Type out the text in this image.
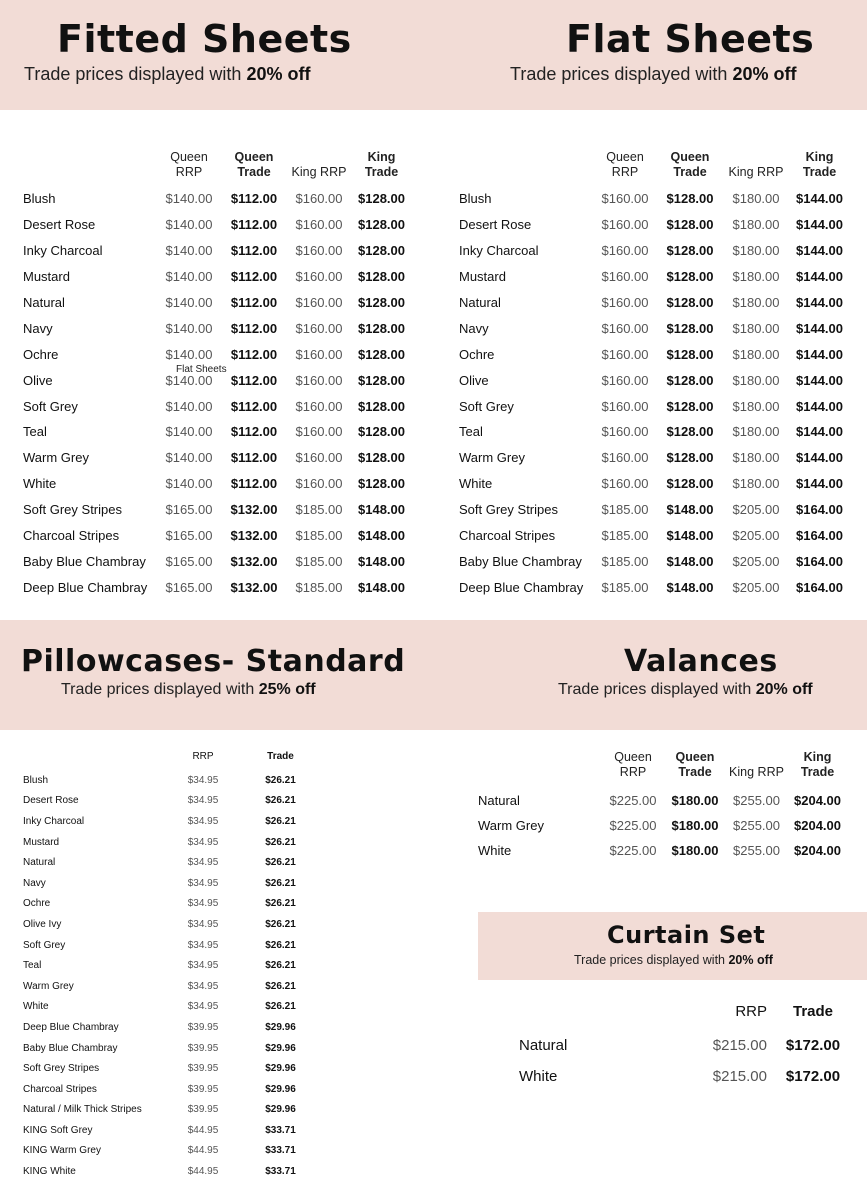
Fitted Sheets
Trade prices displayed with 20% off
Flat Sheets
Trade prices displayed with 20% off
	Queen RRP	Queen Trade	King RRP	King Trade
Blush	$140.00	$112.00	$160.00	$128.00
Desert Rose	$140.00	$112.00	$160.00	$128.00
Inky Charcoal	$140.00	$112.00	$160.00	$128.00
Mustard	$140.00	$112.00	$160.00	$128.00
Natural	$140.00	$112.00	$160.00	$128.00
Navy	$140.00	$112.00	$160.00	$128.00
Ochre	$140.00	$112.00	$160.00	$128.00
Olive	$140.00	$112.00	$160.00	$128.00
Soft Grey	$140.00	$112.00	$160.00	$128.00
Teal	$140.00	$112.00	$160.00	$128.00
Warm Grey	$140.00	$112.00	$160.00	$128.00
White	$140.00	$112.00	$160.00	$128.00
Soft Grey Stripes	$165.00	$132.00	$185.00	$148.00
Charcoal Stripes	$165.00	$132.00	$185.00	$148.00
Baby Blue Chambray	$165.00	$132.00	$185.00	$148.00
Deep Blue Chambray	$165.00	$132.00	$185.00	$148.00
Flat Sheets
	Queen RRP	Queen Trade	King RRP	King Trade
Blush	$160.00	$128.00	$180.00	$144.00
Desert Rose	$160.00	$128.00	$180.00	$144.00
Inky Charcoal	$160.00	$128.00	$180.00	$144.00
Mustard	$160.00	$128.00	$180.00	$144.00
Natural	$160.00	$128.00	$180.00	$144.00
Navy	$160.00	$128.00	$180.00	$144.00
Ochre	$160.00	$128.00	$180.00	$144.00
Olive	$160.00	$128.00	$180.00	$144.00
Soft Grey	$160.00	$128.00	$180.00	$144.00
Teal	$160.00	$128.00	$180.00	$144.00
Warm Grey	$160.00	$128.00	$180.00	$144.00
White	$160.00	$128.00	$180.00	$144.00
Soft Grey Stripes	$185.00	$148.00	$205.00	$164.00
Charcoal Stripes	$185.00	$148.00	$205.00	$164.00
Baby Blue Chambray	$185.00	$148.00	$205.00	$164.00
Deep Blue Chambray	$185.00	$148.00	$205.00	$164.00
Pillowcases- Standard
Trade prices displayed with 25% off
Valances
Trade prices displayed with 20% off
	RRP	Trade
Blush	$34.95	$26.21
Desert Rose	$34.95	$26.21
Inky Charcoal	$34.95	$26.21
Mustard	$34.95	$26.21
Natural	$34.95	$26.21
Navy	$34.95	$26.21
Ochre	$34.95	$26.21
Olive Ivy	$34.95	$26.21
Soft Grey	$34.95	$26.21
Teal	$34.95	$26.21
Warm Grey	$34.95	$26.21
White	$34.95	$26.21
Deep Blue Chambray	$39.95	$29.96
Baby Blue Chambray	$39.95	$29.96
Soft Grey Stripes	$39.95	$29.96
Charcoal Stripes	$39.95	$29.96
Natural / Milk Thick Stripes	$39.95	$29.96
KING Soft Grey	$44.95	$33.71
KING Warm Grey	$44.95	$33.71
KING White	$44.95	$33.71
	Queen RRP	Queen Trade	King RRP	King Trade
Natural	$225.00	$180.00	$255.00	$204.00
Warm Grey	$225.00	$180.00	$255.00	$204.00
White	$225.00	$180.00	$255.00	$204.00
Curtain Set
Trade prices displayed with 20% off
	RRP	Trade
Natural	$215.00	$172.00
White	$215.00	$172.00
